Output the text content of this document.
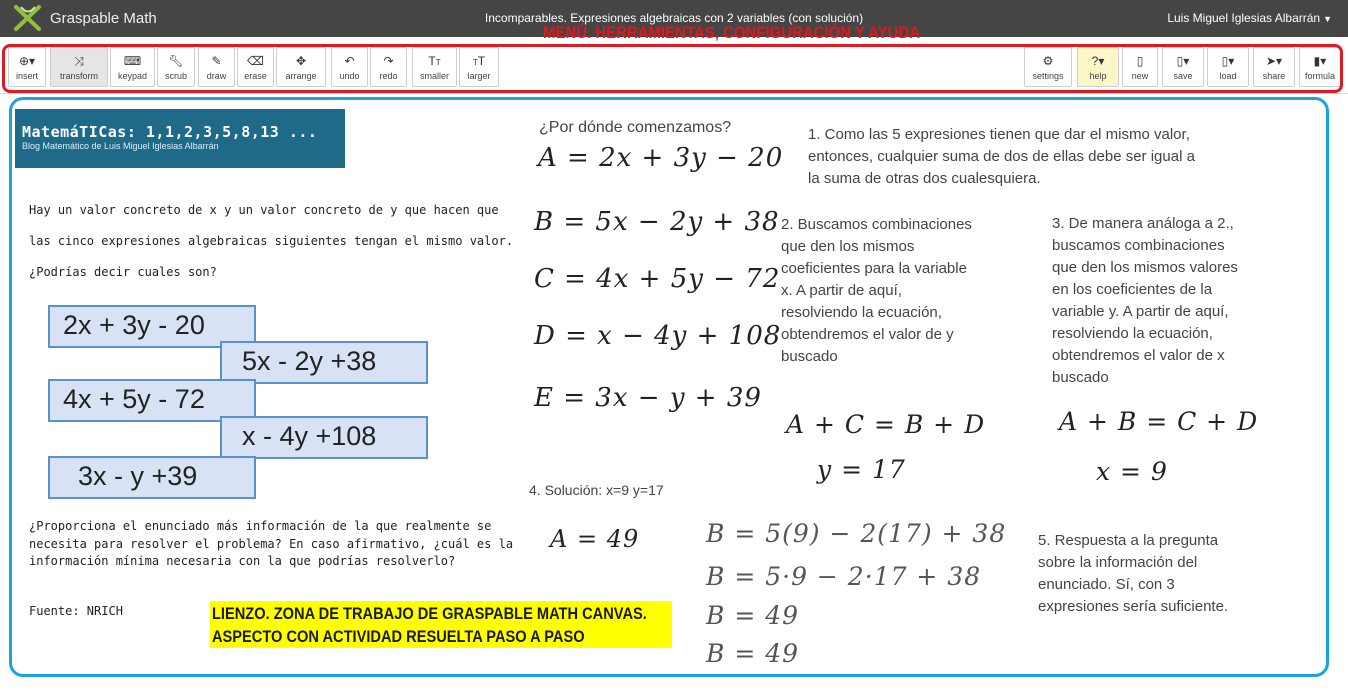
Graspable Math	Incomparables. Expresiones algebraicas con 2 variables (con solución)	Luis Miguel Iglesias Albarrán ▼
⊕▾
insert
⤨
transform
⌨
keypad
🔧︎
scrub
✎
draw
⌫
erase
✥
arrange
↶
undo
↷
redo
TT
smaller
TT
larger
⚙
settings
?▾
help
▯
new
▯▾
save
▯▾
load
➤▾
share
▮▾
formula
MENÚ. HERRAMIENTAS, CONFIGURACIÓN Y AYUDA
MatemáTICas: 1,1,2,3,5,8,13 ...
Blog Matemático de Luis Miguel Iglesias Albarrán
Hay un valor concreto de x y un valor concreto de y que hacen que
las cinco expresiones algebraicas siguientes tengan el mismo valor.
¿Podrías decir cuales son?
2x + 3y - 20
5x - 2y +38
4x + 5y - 72
x - 4y +108
3x - y +39
¿Proporciona el enunciado más información de la que realmente se
necesita para resolver el problema? En caso afirmativo, ¿cuál es la
información mínima necesaria con la que podrías resolverlo?
Fuente: NRICH	LIENZO. ZONA DE TRABAJO DE GRASPABLE MATH CANVAS.
ASPECTO CON ACTIVIDAD RESUELTA PASO A PASO
¿Por dónde comenzamos?
A = 2x + 3y − 20
B = 5x − 2y + 38
C = 4x + 5y − 72
D = x − 4y + 108
E = 3x − y + 39
4. Solución: x=9 y=17
A = 49
1. Como las 5 expresiones tienen que dar el mismo valor,
entonces, cualquier suma de dos de ellas debe ser igual a
la suma de otras dos cualesquiera.
2. Buscamos combinaciones
que den los mismos
coeficientes para la variable
x. A partir de aquí,
resolviendo la ecuación,
obtendremos el valor de y
buscado
3. De manera análoga a 2.,
buscamos combinaciones
que den los mismos valores
en los coeficientes de la
variable y. A partir de aquí,
resolviendo la ecuación,
obtendremos el valor de x
buscado
A + C = B + D
y = 17
A + B = C + D
x = 9
B = 5(9) − 2(17) + 38
B = 5·9 − 2·17 + 38
B = 49
B = 49
5. Respuesta a la pregunta
sobre la información del
enunciado. Sí, con 3
expresiones sería suficiente.
